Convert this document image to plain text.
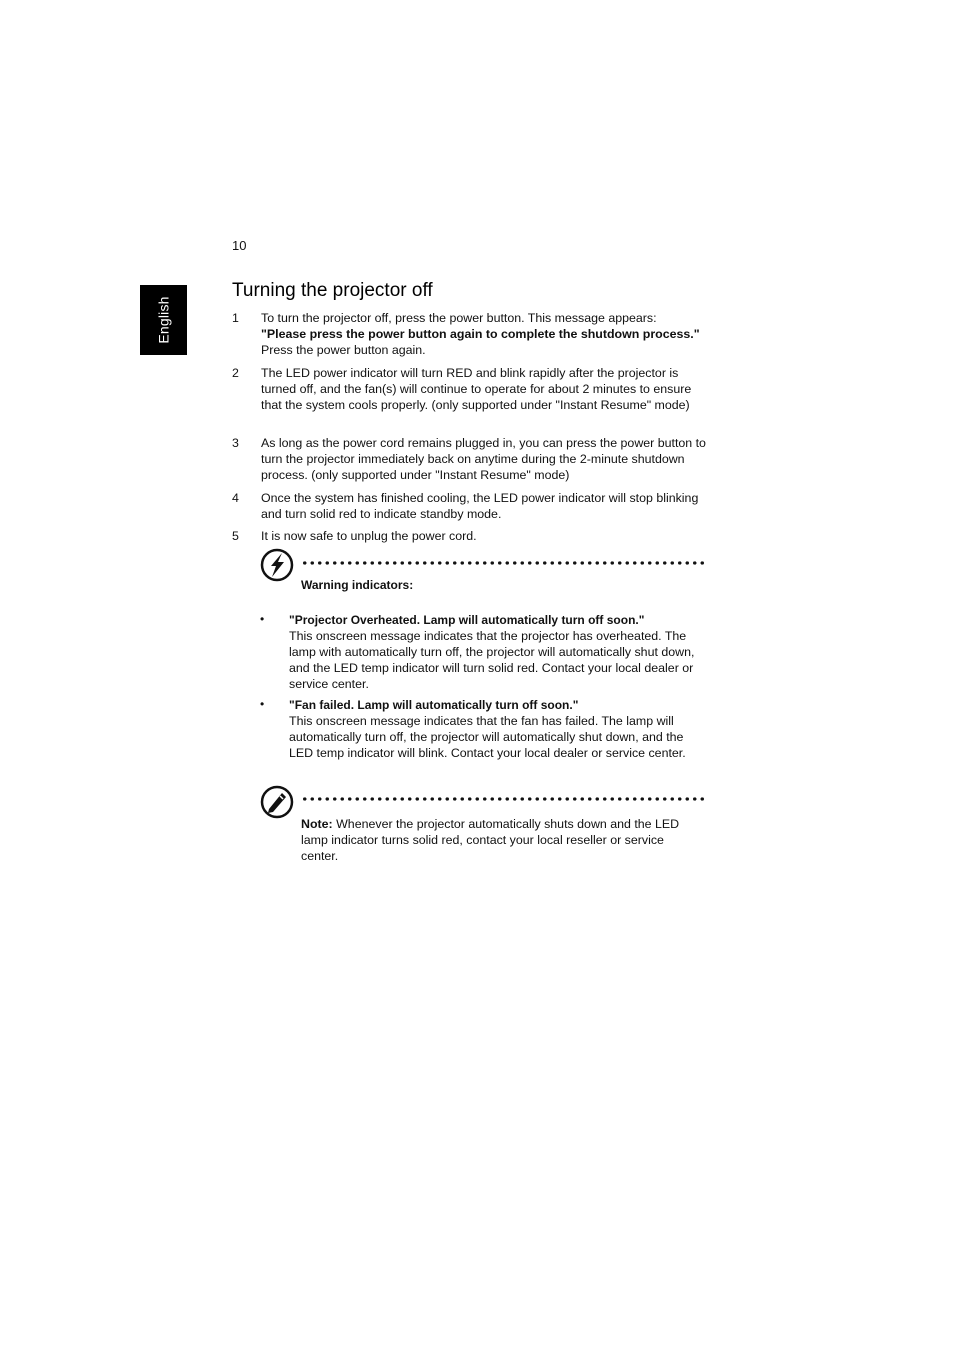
10
English
Turning the projector off
1 To turn the projector off, press the power button. This message appears:
"Please press the power button again to complete the shutdown process."
Press the power button again.
2 The LED power indicator will turn RED and blink rapidly after the projector is turned off, and the fan(s) will continue to operate for about 2 minutes to ensure that the system cools properly. (only supported under "Instant Resume" mode)
3 As long as the power cord remains plugged in, you can press the power button to turn the projector immediately back on anytime during the 2-minute shutdown process. (only supported under "Instant Resume" mode)
4 Once the system has finished cooling, the LED power indicator will stop blinking and turn solid red to indicate standby mode.
5 It is now safe to unplug the power cord.
Warning indicators:
• "Projector Overheated. Lamp will automatically turn off soon."
This onscreen message indicates that the projector has overheated. The lamp with automatically turn off, the projector will automatically shut down, and the LED temp indicator will turn solid red. Contact your local dealer or service center.
• "Fan failed. Lamp will automatically turn off soon."
This onscreen message indicates that the fan has failed. The lamp will automatically turn off, the projector will automatically shut down, and the LED temp indicator will blink. Contact your local dealer or service center.
Note: Whenever the projector automatically shuts down and the LED lamp indicator turns solid red, contact your local reseller or service center.
